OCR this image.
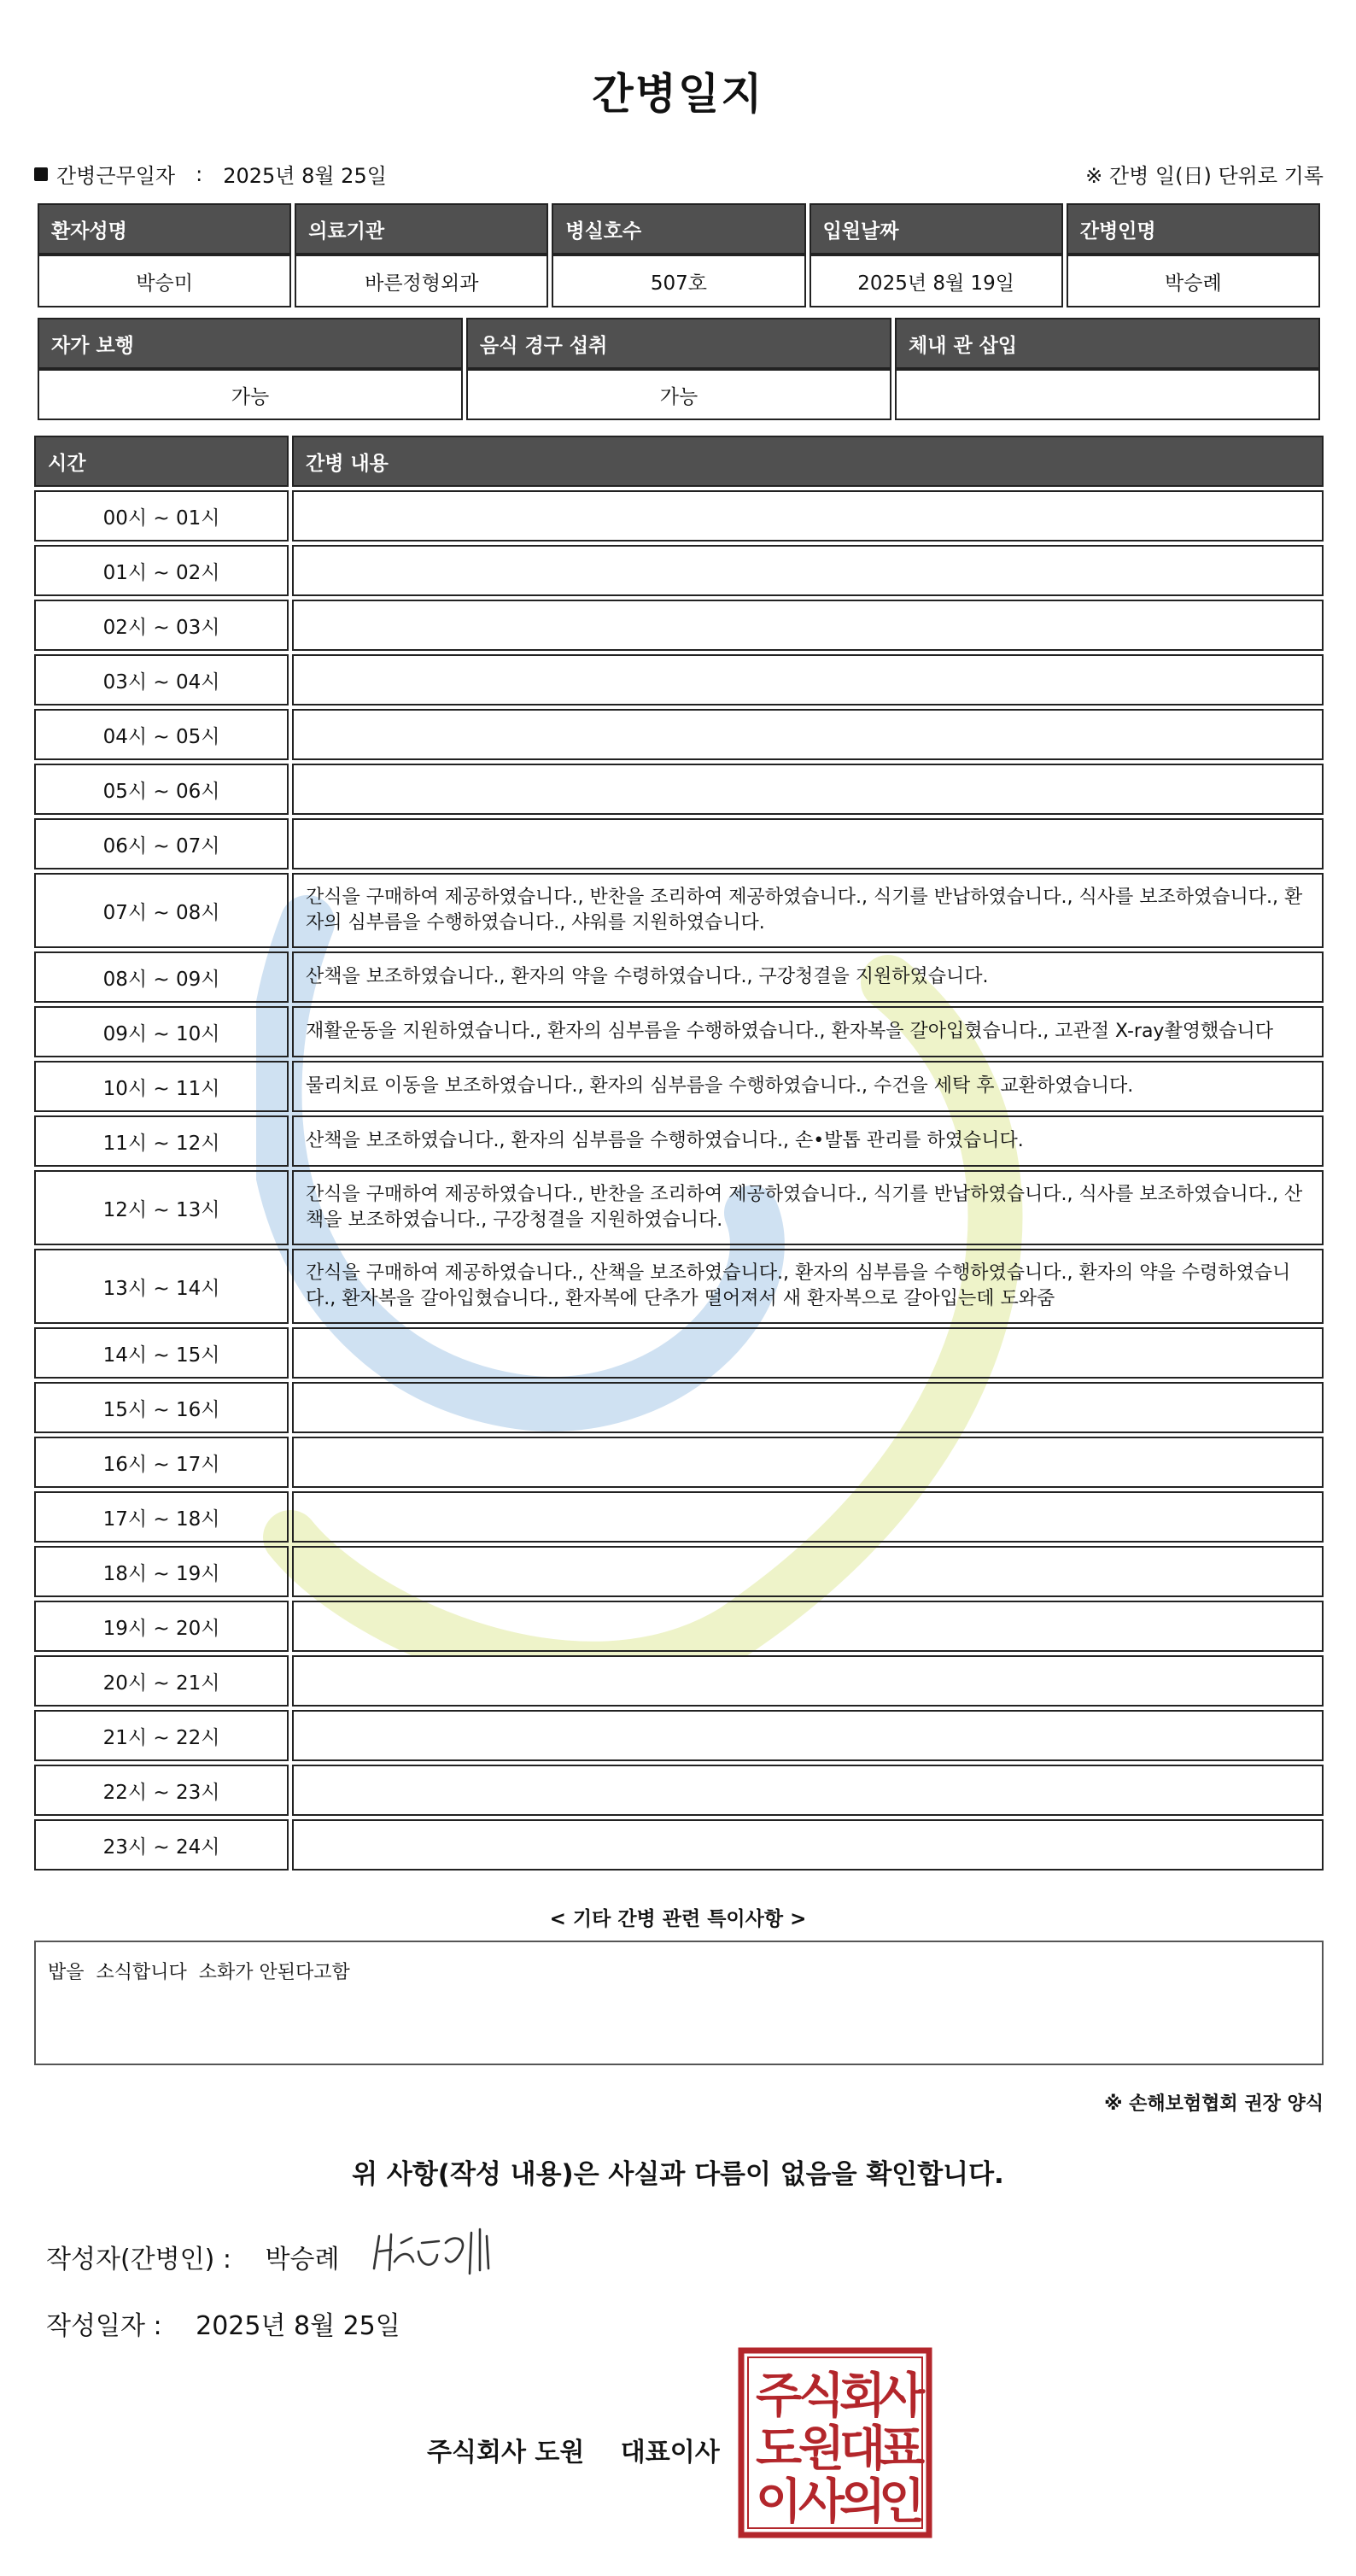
간병일지
간병근무일자 : 2025년 8월 25일	※ 간병 일(日) 단위로 기록
환자성명	의료기관	병실호수	입원날짜	간병인명
박승미	바른정형외과	507호	2025년 8월 19일	박승례
자가 보행	음식 경구 섭취	체내 관 삽입
가능	가능	
시간		간병 내용
00시 ~ 01시		
01시 ~ 02시		
02시 ~ 03시		
03시 ~ 04시		
04시 ~ 05시		
05시 ~ 06시		
06시 ~ 07시		
07시 ~ 08시		간식을 구매하여 제공하였습니다., 반찬을 조리하여 제공하였습니다., 식기를 반납하였습니다., 식사를 보조하였습니다., 환자의 심부름을 수행하였습니다., 샤워를 지원하였습니다.
08시 ~ 09시		산책을 보조하였습니다., 환자의 약을 수령하였습니다., 구강청결을 지원하였습니다.
09시 ~ 10시		재활운동을 지원하였습니다., 환자의 심부름을 수행하였습니다., 환자복을 갈아입혔습니다., 고관절 X-ray촬영했습니다
10시 ~ 11시		물리치료 이동을 보조하였습니다., 환자의 심부름을 수행하였습니다., 수건을 세탁 후 교환하였습니다.
11시 ~ 12시		산책을 보조하였습니다., 환자의 심부름을 수행하였습니다., 손•발톱 관리를 하였습니다.
12시 ~ 13시		간식을 구매하여 제공하였습니다., 반찬을 조리하여 제공하였습니다., 식기를 반납하였습니다., 식사를 보조하였습니다., 산책을 보조하였습니다., 구강청결을 지원하였습니다.
13시 ~ 14시		간식을 구매하여 제공하였습니다., 산책을 보조하였습니다., 환자의 심부름을 수행하였습니다., 환자의 약을 수령하였습니다., 환자복을 갈아입혔습니다., 환자복에 단추가 떨어져서 새 환자복으로 갈아입는데 도와줌
14시 ~ 15시		
15시 ~ 16시		
16시 ~ 17시		
17시 ~ 18시		
18시 ~ 19시		
19시 ~ 20시		
20시 ~ 21시		
21시 ~ 22시		
22시 ~ 23시		
23시 ~ 24시		
< 기타 간병 관련 특이사항 >
밥을  소식합니다  소화가 안된다고함
※ 손해보험협회 권장 양식
위 사항(작성 내용)은 사실과 다름이 없음을 확인합니다.
작성자(간병인) : 박승례
작성일자 : 2025년 8월 25일
주식회사 도원 대표이사
주
식
회
사
도
원
대
표
이
사
의
인
